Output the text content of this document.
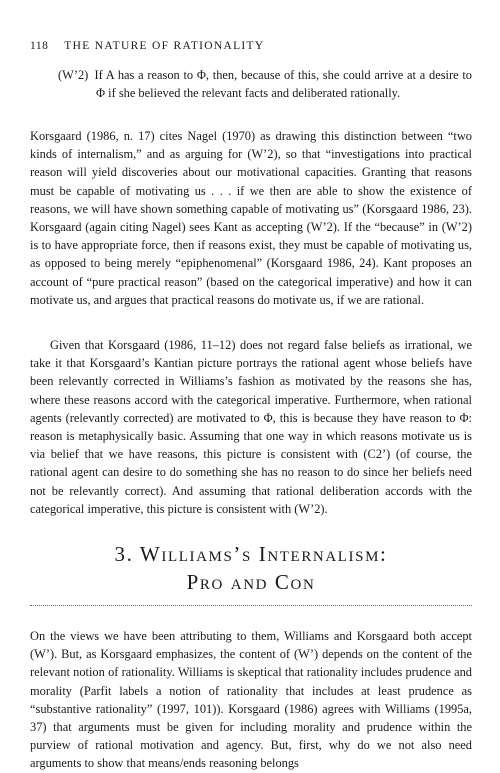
118 THE NATURE OF RATIONALITY
(W’2) If A has a reason to Φ, then, because of this, she could arrive at a desire to Φ if she believed the relevant facts and deliberated rationally.

Korsgaard (1986, n. 17) cites Nagel (1970) as drawing this distinction between “two kinds of internalism,” and as arguing for (W’2), so that “investigations into practical reason will yield discoveries about our motivational capacities. Granting that reasons must be capable of motivating us . . . if we then are able to show the existence of reasons, we will have shown something capable of motivating us” (Korsgaard 1986, 23). Korsgaard (again citing Nagel) sees Kant as accepting (W’2). If the “because” in (W’2) is to have appropriate force, then if reasons exist, they must be capable of motivating us, as opposed to being merely “epiphenomenal” (Korsgaard 1986, 24). Kant proposes an account of “pure practical reason” (based on the categorical imperative) and how it can motivate us, and argues that practical reasons do motivate us, if we are rational.

Given that Korsgaard (1986, 11–12) does not regard false beliefs as irrational, we take it that Korsgaard’s Kantian picture portrays the rational agent whose beliefs have been relevantly corrected in Williams’s fashion as motivated by the reasons she has, where these reasons accord with the categorical imperative. Furthermore, when rational agents (relevantly corrected) are motivated to Φ, this is because they have reason to Φ: reason is metaphysically basic. Assuming that one way in which reasons motivate us is via belief that we have reasons, this picture is consistent with (C2’) (of course, the rational agent can desire to do something she has no reason to do since her beliefs need not be relevantly correct). And assuming that rational deliberation accords with the categorical imperative, this picture is consistent with (W’2).

3. Williams’s Internalism:
Pro and Con

On the views we have been attributing to them, Williams and Korsgaard both accept (W’). But, as Korsgaard emphasizes, the content of (W’) depends on the content of the relevant notion of rationality. Williams is skeptical that rationality includes prudence and morality (Parfit labels a notion of rationality that includes at least prudence as “substantive rationality” (1997, 101)). Korsgaard (1986) agrees with Williams (1995a, 37) that arguments must be given for including morality and prudence within the purview of rational motivation and agency. But, first, why do we not also need arguments to show that means/ends reasoning belongs
